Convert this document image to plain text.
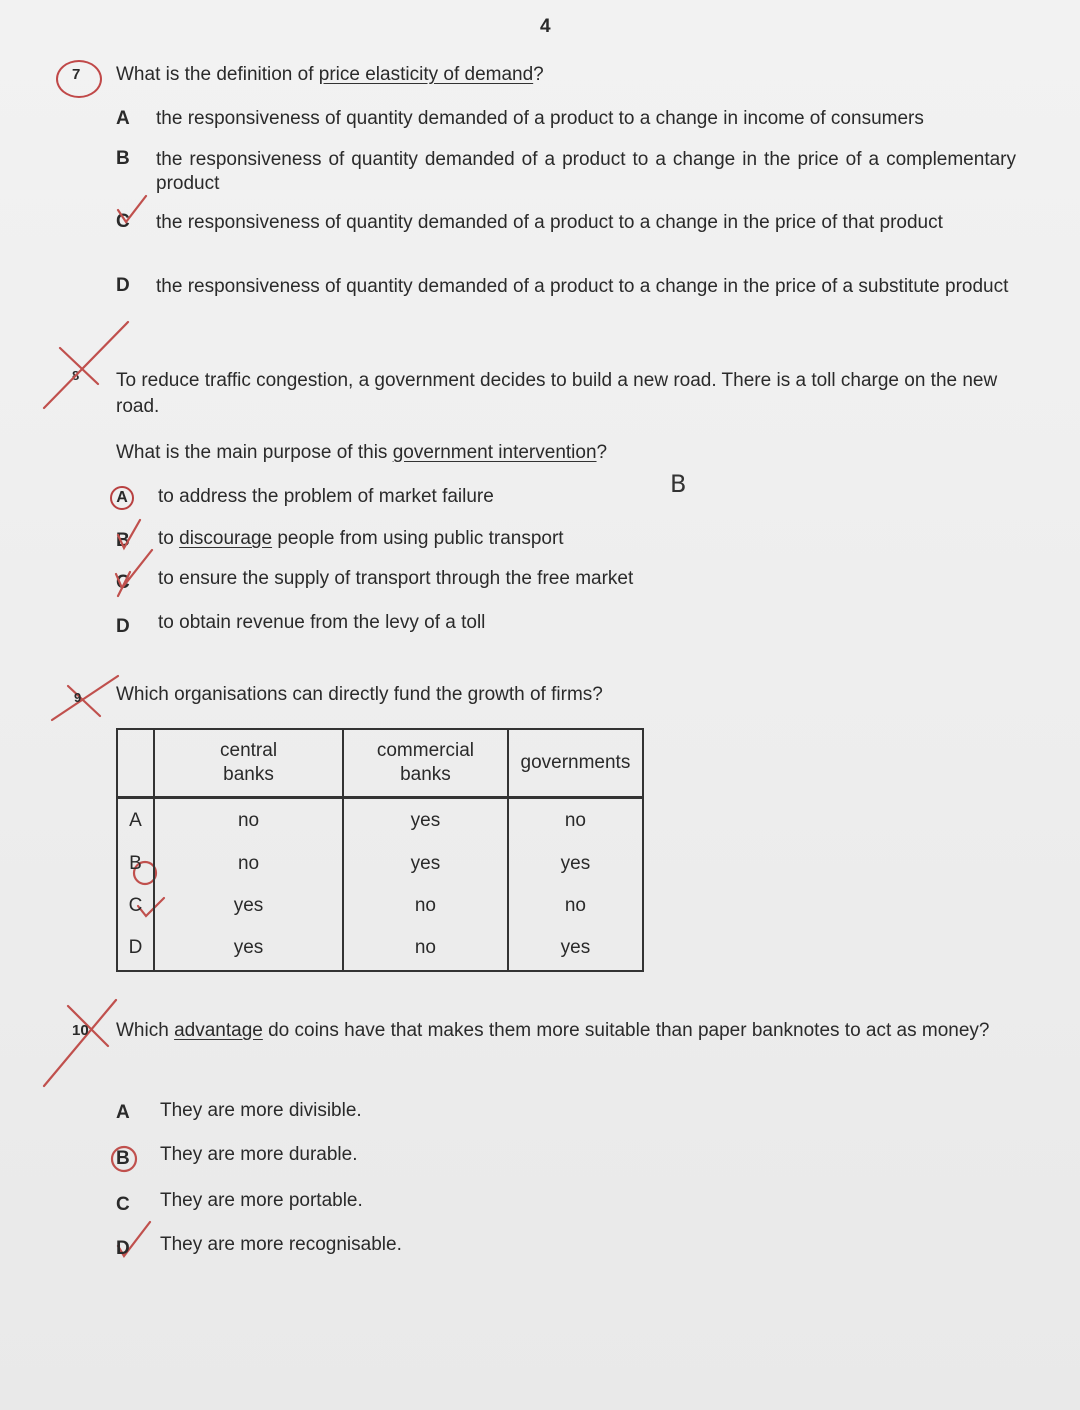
4
7 What is the definition of price elasticity of demand?
A the responsiveness of quantity demanded of a product to a change in income of consumers
B the responsiveness of quantity demanded of a product to a change in the price of a complementary product
C the responsiveness of quantity demanded of a product to a change in the price of that product
D the responsiveness of quantity demanded of a product to a change in the price of a substitute product
8 To reduce traffic congestion, a government decides to build a new road. There is a toll charge on the new road.
What is the main purpose of this government intervention?
A	to address the problem of market failure
B to discourage people from using public transport
C to ensure the supply of transport through the free market
D to obtain revenue from the levy of a toll
B
9 Which organisations can directly fund the growth of firms?
	central banks	commercial banks	governments
A	no	yes	no
B	no	yes	yes
C	yes	no	no
D	yes	no	yes
10 Which advantage do coins have that makes them more suitable than paper banknotes to act as money?
A They are more divisible.
B They are more durable.
C They are more portable.
D They are more recognisable.
